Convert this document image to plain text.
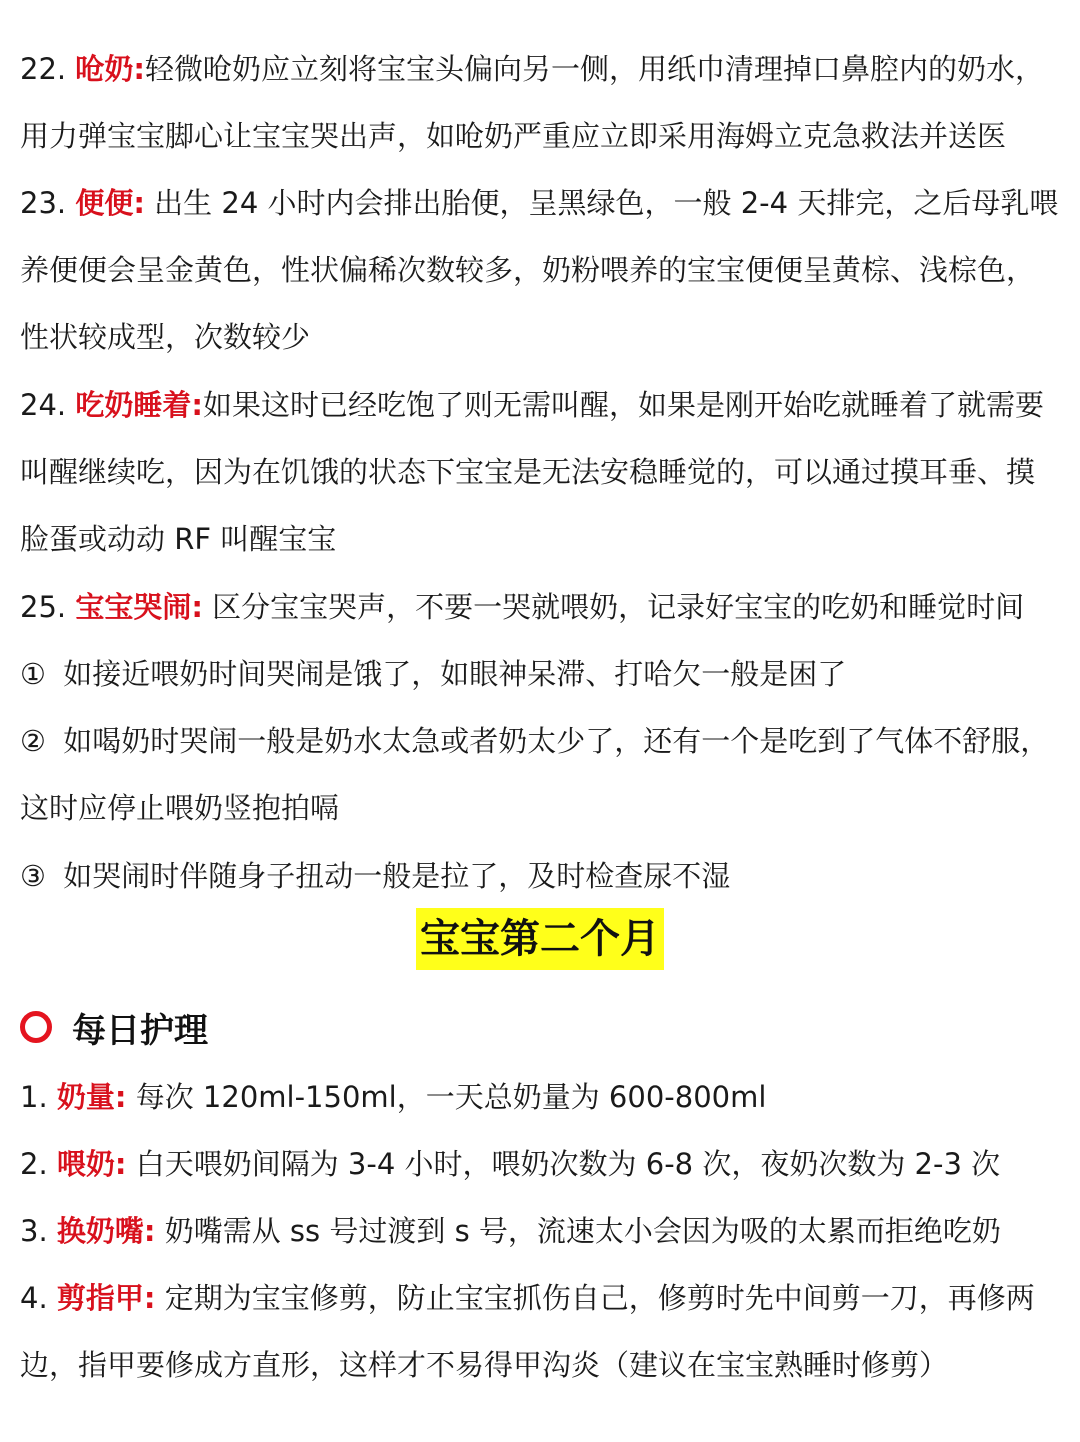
22. 呛奶:轻微呛奶应立刻将宝宝头偏向另一侧，用纸巾清理掉口鼻腔内的奶水，用力弹宝宝脚心让宝宝哭出声，如呛奶严重应立即采用海姆立克急救法并送医

23. 便便: 出生 24 小时内会排出胎便，呈黑绿色，一般 2-4 天排完，之后母乳喂养便便会呈金黄色，性状偏稀次数较多，奶粉喂养的宝宝便便呈黄棕、浅棕色，性状较成型，次数较少

24. 吃奶睡着:如果这时已经吃饱了则无需叫醒，如果是刚开始吃就睡着了就需要叫醒继续吃，因为在饥饿的状态下宝宝是无法安稳睡觉的，可以通过摸耳垂、摸脸蛋或动动 RF 叫醒宝宝

25. 宝宝哭闹: 区分宝宝哭声，不要一哭就喂奶，记录好宝宝的吃奶和睡觉时间

① 如接近喂奶时间哭闹是饿了，如眼神呆滞、打哈欠一般是困了

② 如喝奶时哭闹一般是奶水太急或者奶太少了，还有一个是吃到了气体不舒服，这时应停止喂奶竖抱拍嗝

③ 如哭闹时伴随身子扭动一般是拉了，及时检查尿不湿

宝宝第二个月
每日护理

1. 奶量: 每次 120ml-150ml，一天总奶量为 600-800ml

2. 喂奶: 白天喂奶间隔为 3-4 小时，喂奶次数为 6-8 次，夜奶次数为 2-3 次

3. 换奶嘴: 奶嘴需从 ss 号过渡到 s 号，流速太小会因为吸的太累而拒绝吃奶

4. 剪指甲: 定期为宝宝修剪，防止宝宝抓伤自己，修剪时先中间剪一刀，再修两边，指甲要修成方直形，这样才不易得甲沟炎（建议在宝宝熟睡时修剪）
